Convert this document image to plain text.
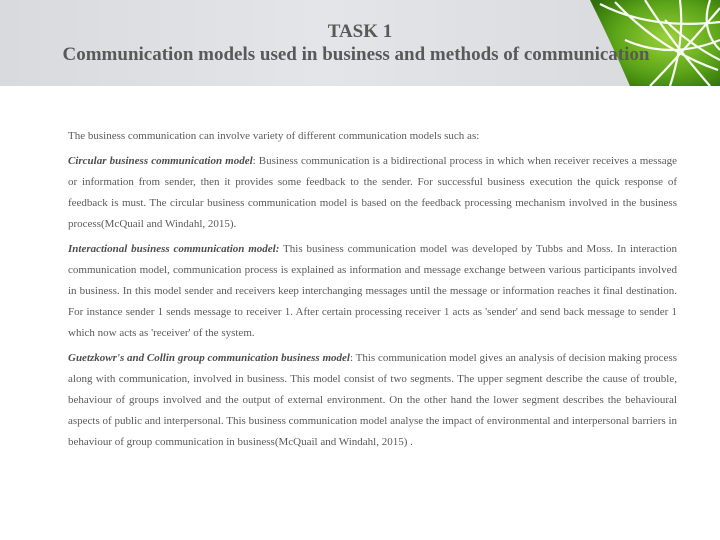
TASK 1
Communication models used in business and methods of communication

The business communication can involve variety of different communication models such as:

Circular business communication model: Business communication is a bidirectional process in which when receiver receives a message or information from sender, then it provides some feedback to the sender. For successful business execution the quick response of feedback is must. The circular business communication model is based on the feedback processing mechanism involved in the business process(McQuail and Windahl, 2015).

Interactional business communication model: This business communication model was developed by Tubbs and Moss. In interaction communication model, communication process is explained as information and message exchange between various participants involved in business. In this model sender and receivers keep interchanging messages until the message or information reaches it final destination. For instance sender 1 sends message to receiver 1. After certain processing receiver 1 acts as 'sender' and send back message to sender 1 which now acts as 'receiver' of the system.

Guetzkowr's and Collin group communication business model: This communication model gives an analysis of decision making process along with communication, involved in business. This model consist of two segments. The upper segment describe the cause of trouble, behaviour of groups involved and the output of external environment. On the other hand the lower segment describes the behavioural aspects of public and interpersonal. This business communication model analyse the impact of environmental and interpersonal barriers in behaviour of group communication in business(McQuail and Windahl, 2015) .
